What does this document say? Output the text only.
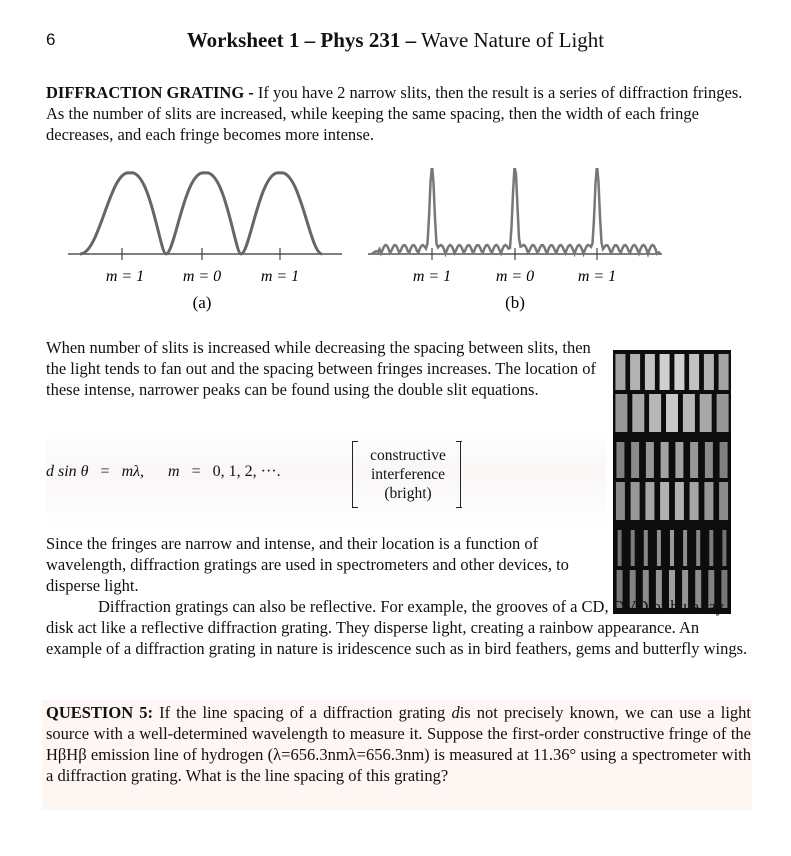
6	Worksheet 1 – Phys 231 – Wave Nature of Light
DIFFRACTION GRATING - If you have 2 narrow slits, then the result is a series of diffraction fringes. As the number of slits are increased, while keeping the same spacing, then the width of each fringe decreases, and each fringe becomes more intense.
m = 1 m = 0 m = 1
(a)
m = 1	m = 0	m = 1
(b)
When number of slits is increased while decreasing the spacing between slits, then the light tends to fan out and the spacing between fringes increases. The location of these intense, narrower peaks can be found using the double slit equations.
d sin θ = mλ, m = 0, 1, 2, ···.
constructive
interference
(bright)
Since the fringes are narrow and intense, and their location is a function of wavelength, diffraction gratings are used in spectrometers and other devices, to disperse light.
Diffraction gratings can also be reflective. For example, the grooves of a CD, DVD or blue ray disk act like a reflective diffraction grating. They disperse light, creating a rainbow appearance. An example of a diffraction grating in nature is iridescence such as in bird feathers, gems and butterfly wings.
QUESTION 5: If the line spacing of a diffraction grating dis not precisely known, we can use a light source with a well-determined wavelength to measure it. Suppose the first-order constructive fringe of the HβHβ emission line of hydrogen (λ=656.3nmλ=656.3nm) is measured at 11.36° using a spectrometer with a diffraction grating. What is the line spacing of this grating?
